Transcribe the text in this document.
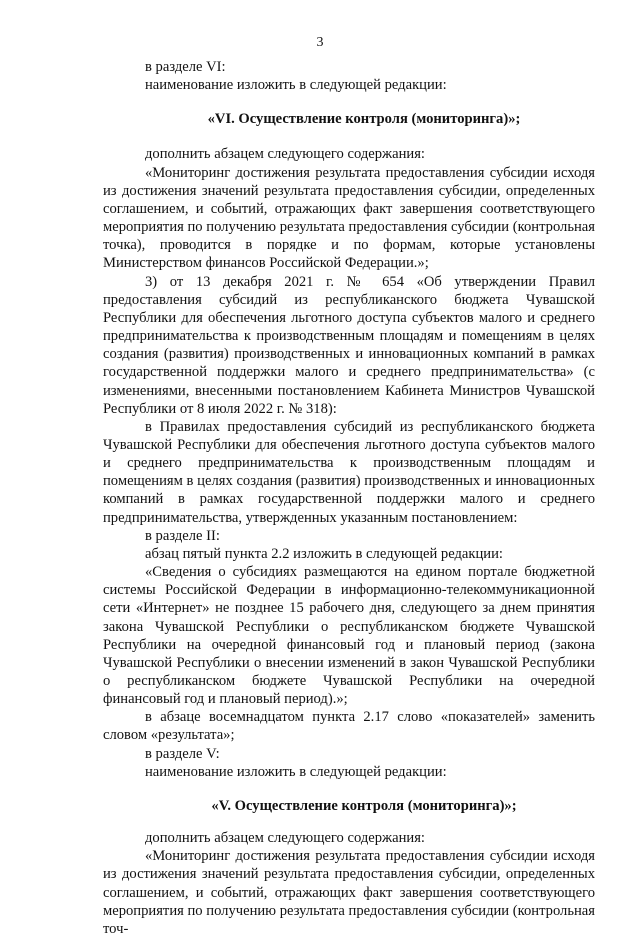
3

в разделе VI:

наименование изложить в следующей редакции:

«VI. Осуществление контроля (мониторинга)»;

дополнить абзацем следующего содержания:

«Мониторинг достижения результата предоставления субсидии исходя из достижения значений результата предоставления субсидии, определенных соглашением, и событий, отражающих факт завершения соответствующего мероприятия по получению результата предоставления субсидии (контрольная точка), проводится в порядке и по формам, которые установлены Министерством финансов Российской Федерации.»;

3) от 13 декабря 2021 г. № 654 «Об утверждении Правил предоставления субсидий из республиканского бюджета Чувашской Республики для обеспечения льготного доступа субъектов малого и среднего предпринимательства к производственным площадям и помещениям в целях создания (развития) производственных и инновационных компаний в рамках государственной поддержки малого и среднего предпринимательства» (с изменениями, внесенными постановлением Кабинета Министров Чувашской Республики от 8 июля 2022 г. № 318):

в Правилах предоставления субсидий из республиканского бюджета Чувашской Республики для обеспечения льготного доступа субъектов малого и среднего предпринимательства к производственным площадям и помещениям в целях создания (развития) производственных и инновационных компаний в рамках государственной поддержки малого и среднего предпринимательства, утвержденных указанным постановлением:

в разделе II:

абзац пятый пункта 2.2 изложить в следующей редакции:

«Сведения о субсидиях размещаются на едином портале бюджетной системы Российской Федерации в информационно-телекоммуникационной сети «Интернет» не позднее 15 рабочего дня, следующего за днем принятия закона Чувашской Республики о республиканском бюджете Чувашской Республики на очередной финансовый год и плановый период (закона Чувашской Республики о внесении изменений в закон Чувашской Республики о республиканском бюджете Чувашской Республики на очередной финансовый год и плановый период).»;

в абзаце восемнадцатом пункта 2.17 слово «показателей» заменить словом «результата»;

в разделе V:

наименование изложить в следующей редакции:

«V. Осуществление контроля (мониторинга)»;

дополнить абзацем следующего содержания:

«Мониторинг достижения результата предоставления субсидии исходя из достижения значений результата предоставления субсидии, определенных соглашением, и событий, отражающих факт завершения соответствующего мероприятия по получению результата предоставления субсидии (контрольная точ-
